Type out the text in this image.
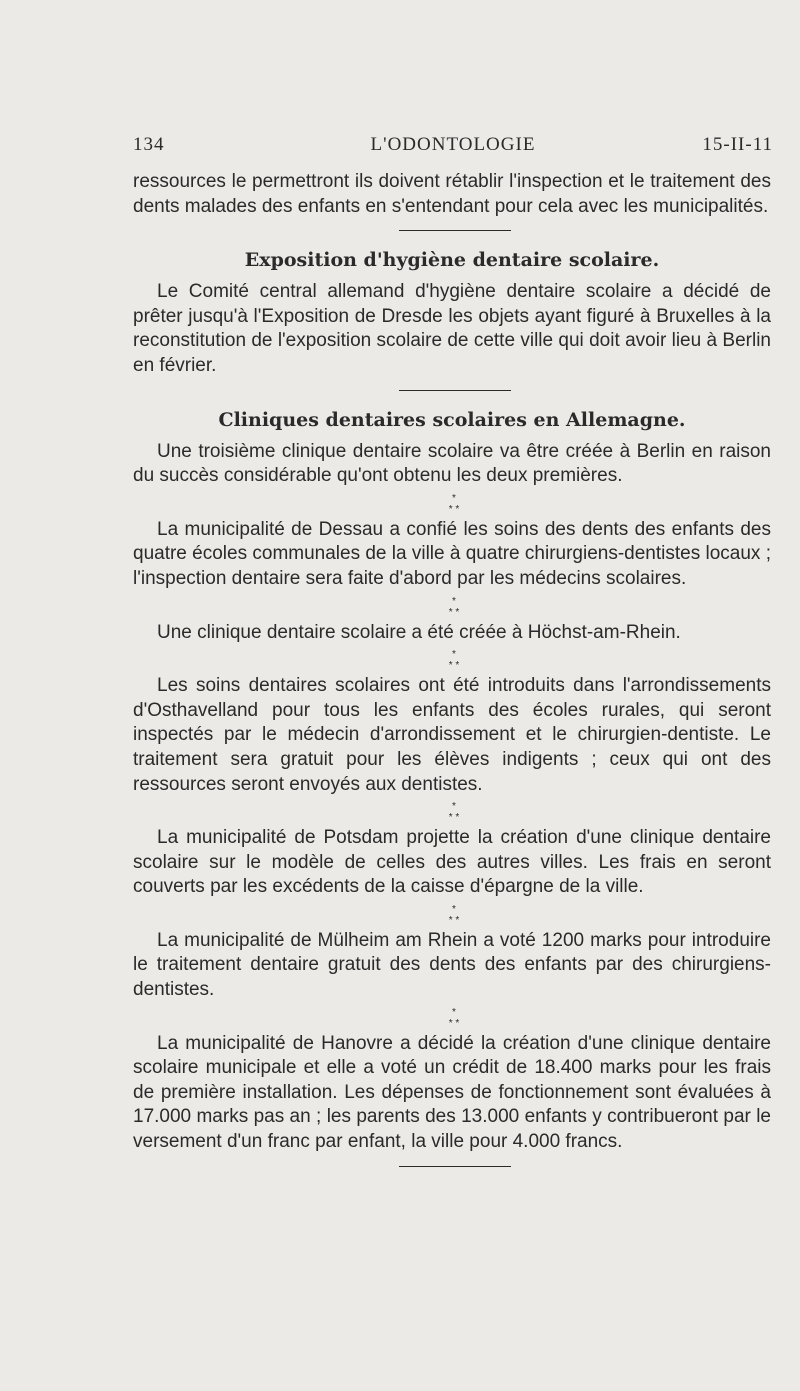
134	L'ODONTOLOGIE	15-II-11

ressources le permettront ils doivent rétablir l'inspection et le traitement des dents malades des enfants en s'entendant pour cela avec les municipalités.

Exposition d'hygiène dentaire scolaire.

Le Comité central allemand d'hygiène dentaire scolaire a décidé de prêter jusqu'à l'Exposition de Dresde les objets ayant figuré à Bruxelles à la reconstitution de l'exposition scolaire de cette ville qui doit avoir lieu à Berlin en février.

Cliniques dentaires scolaires en Allemagne.

Une troisième clinique dentaire scolaire va être créée à Berlin en raison du succès considérable qu'ont obtenu les deux premières.

*
* *

La municipalité de Dessau a confié les soins des dents des enfants des quatre écoles communales de la ville à quatre chirurgiens-dentistes locaux ; l'inspection dentaire sera faite d'abord par les médecins scolaires.

*
* *

Une clinique dentaire scolaire a été créée à Höchst-am-Rhein.

*
* *

Les soins dentaires scolaires ont été introduits dans l'arrondissements d'Osthavelland pour tous les enfants des écoles rurales, qui seront inspectés par le médecin d'arrondissement et le chirurgien-dentiste. Le traitement sera gratuit pour les élèves indigents ; ceux qui ont des ressources seront envoyés aux dentistes.

*
* *

La municipalité de Potsdam projette la création d'une clinique dentaire scolaire sur le modèle de celles des autres villes. Les frais en seront couverts par les excédents de la caisse d'épargne de la ville.

*
* *

La municipalité de Mülheim am Rhein a voté 1200 marks pour introduire le traitement dentaire gratuit des dents des enfants par des chirurgiens-dentistes.

*
* *

La municipalité de Hanovre a décidé la création d'une clinique dentaire scolaire municipale et elle a voté un crédit de 18.400 marks pour les frais de première installation. Les dépenses de fonctionnement sont évaluées à 17.000 marks pas an ; les parents des 13.000 enfants y contribueront par le versement d'un franc par enfant, la ville pour 4.000 francs.
